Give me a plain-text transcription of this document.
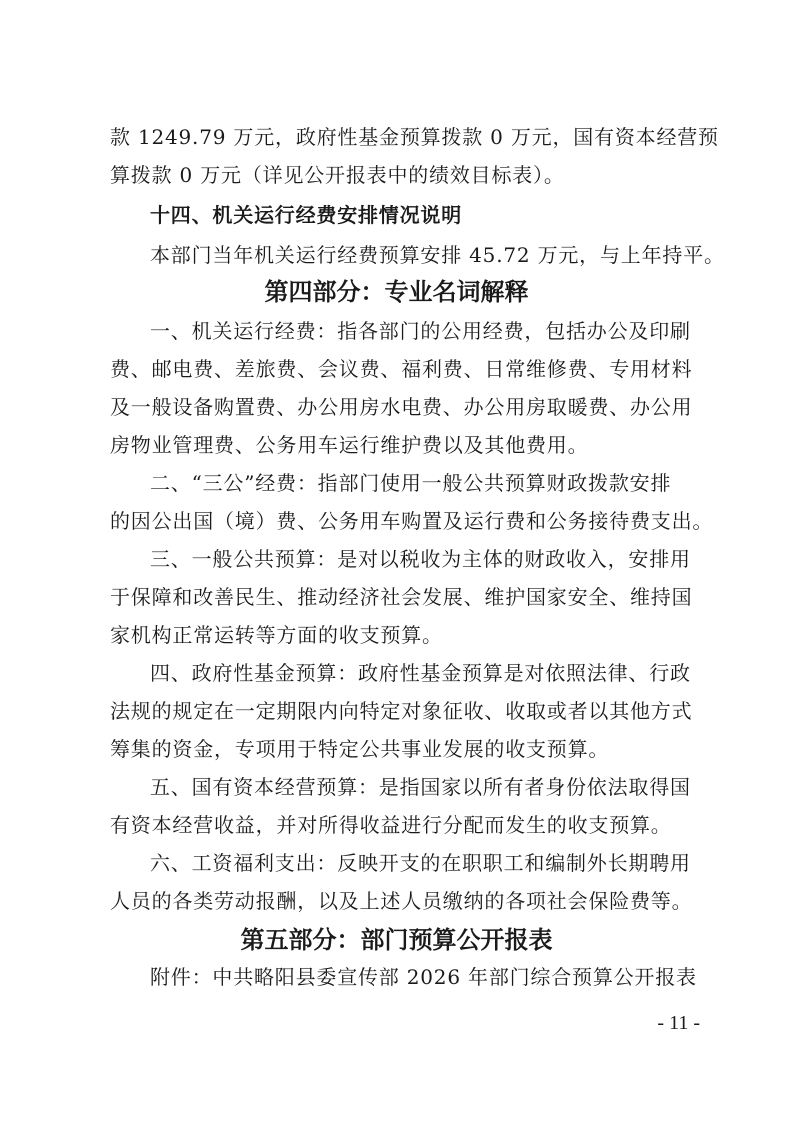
款 1249.79 万元，政府性基金预算拨款 0 万元，国有资本经营预
算拨款 0 万元（详见公开报表中的绩效目标表）。
十四、机关运行经费安排情况说明
本部门当年机关运行经费预算安排 45.72 万元，与上年持平。
第四部分：专业名词解释
一、机关运行经费：指各部门的公用经费，包括办公及印刷
费、邮电费、差旅费、会议费、福利费、日常维修费、专用材料
及一般设备购置费、办公用房水电费、办公用房取暖费、办公用
房物业管理费、公务用车运行维护费以及其他费用。
二、“三公”经费：指部门使用一般公共预算财政拨款安排
的因公出国（境）费、公务用车购置及运行费和公务接待费支出。
三、一般公共预算：是对以税收为主体的财政收入，安排用
于保障和改善民生、推动经济社会发展、维护国家安全、维持国
家机构正常运转等方面的收支预算。
四、政府性基金预算：政府性基金预算是对依照法律、行政
法规的规定在一定期限内向特定对象征收、收取或者以其他方式
筹集的资金，专项用于特定公共事业发展的收支预算。
五、国有资本经营预算：是指国家以所有者身份依法取得国
有资本经营收益，并对所得收益进行分配而发生的收支预算。
六、工资福利支出：反映开支的在职职工和编制外长期聘用
人员的各类劳动报酬，以及上述人员缴纳的各项社会保险费等。
第五部分：部门预算公开报表
附件：中共略阳县委宣传部 2026 年部门综合预算公开报表
- 11 -
